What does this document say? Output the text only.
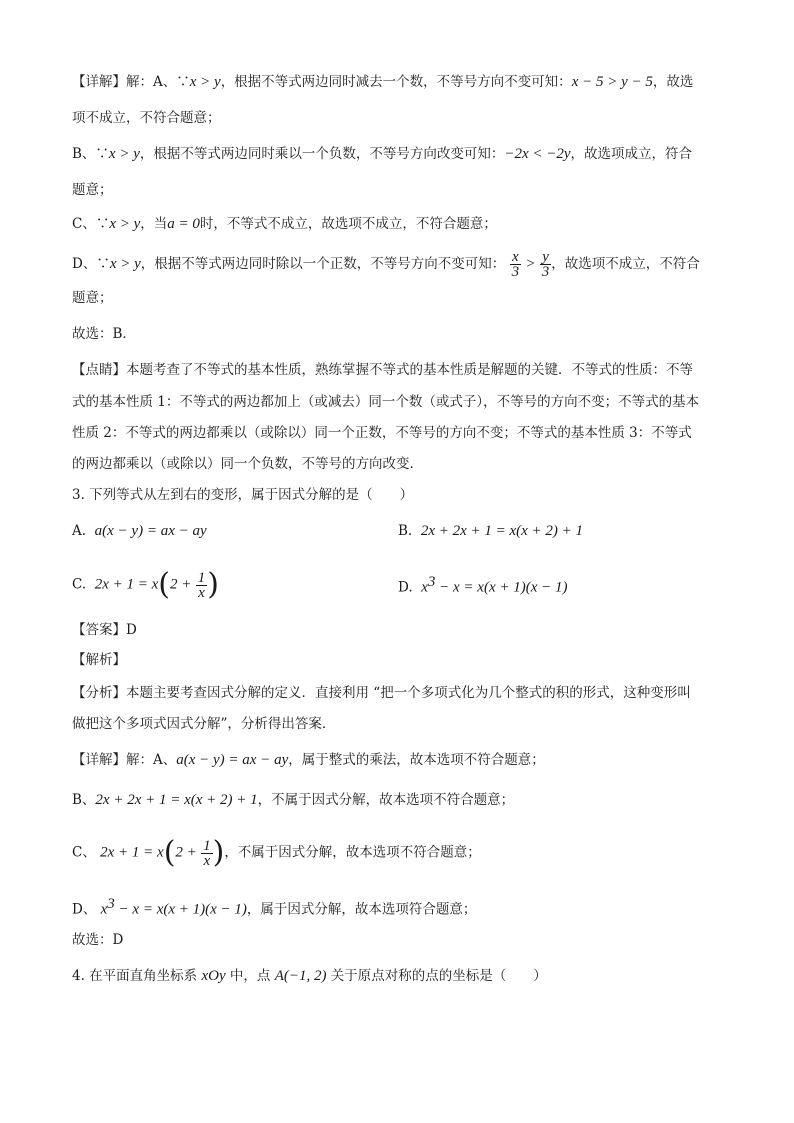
【详解】解：A、∵x > y，根据不等式两边同时减去一个数，不等号方向不变可知：x − 5 > y − 5，故选
项不成立，不符合题意；
B、∵x > y，根据不等式两边同时乘以一个负数，不等号方向改变可知：−2x < −2y，故选项成立，符合
题意；
C、∵x > y，当a = 0时，不等式不成立，故选项不成立，不符合题意；
D、∵x > y，根据不等式两边同时除以一个正数，不等号方向不变可知： $\frac{x}{3} > \frac{y}{3}$ ，故选项不成立，不符合
题意；
故选：B．
【点睛】本题考查了不等式的基本性质，熟练掌握不等式的基本性质是解题的关键．不等式的性质：不等
式的基本性质 1：不等式的两边都加上（或减去）同一个数（或式子），不等号的方向不变；不等式的基本
性质 2：不等式的两边都乘以（或除以）同一个正数，不等号的方向不变；不等式的基本性质 3：不等式
的两边都乘以（或除以）同一个负数，不等号的方向改变．
3. 下列等式从左到右的变形，属于因式分解的是（　　）
A. a(x − y) = ax − ay	B. 2x + 2x + 1 = x(x + 2) + 1
C. $2x + 1 = x(2 + \frac{1}{x}$ )	D. $x^3 - x = x(x + 1)(x - 1)$
【答案】D
【解析】
【分析】本题主要考查因式分解的定义．直接利用 “把一个多项式化为几个整式的积的形式，这种变形叫
做把这个多项式因式分解”，分析得出答案．
【详解】解：A、a(x − y) = ax − ay，属于整式的乘法，故本选项不符合题意；
B、2x + 2x + 1 = x(x + 2) + 1，不属于因式分解，故本选项不符合题意；
C、 $2x + 1 = x(2 + \frac{1}{x}$ )，不属于因式分解，故本选项不符合题意；
D、 $x^3 - x = x(x + 1)(x - 1)$，属于因式分解，故本选项符合题意；
故选：D
4. 在平面直角坐标系 xOy 中，点 A(−1, 2) 关于原点对称的点的坐标是（　　）
